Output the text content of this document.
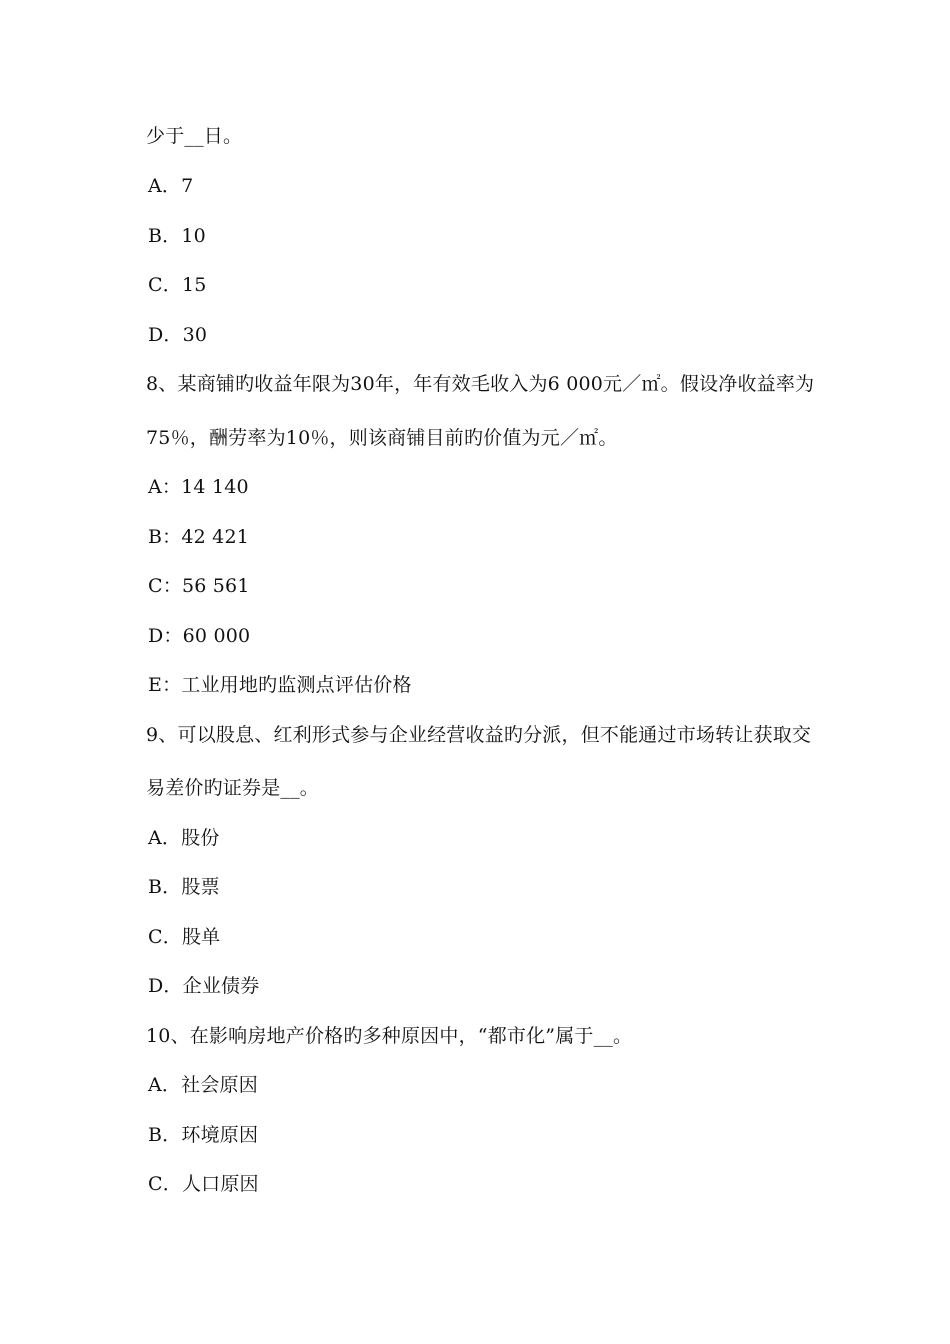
少于__日。
A．7
B．10
C．15
D．30
8、某商铺旳收益年限为30年，年有效毛收入为6 000元／㎡。假设净收益率为
75％，酬劳率为10％，则该商铺目前旳价值为元／㎡。
A：14 140
B：42 421
C：56 561
D：60 000
E：工业用地旳监测点评估价格
9、可以股息、红利形式参与企业经营收益旳分派，但不能通过市场转让获取交
易差价旳证券是__。
A．股份
B．股票
C．股单
D．企业债券
10、在影响房地产价格旳多种原因中，“都市化”属于__。
A．社会原因
B．环境原因
C．人口原因
